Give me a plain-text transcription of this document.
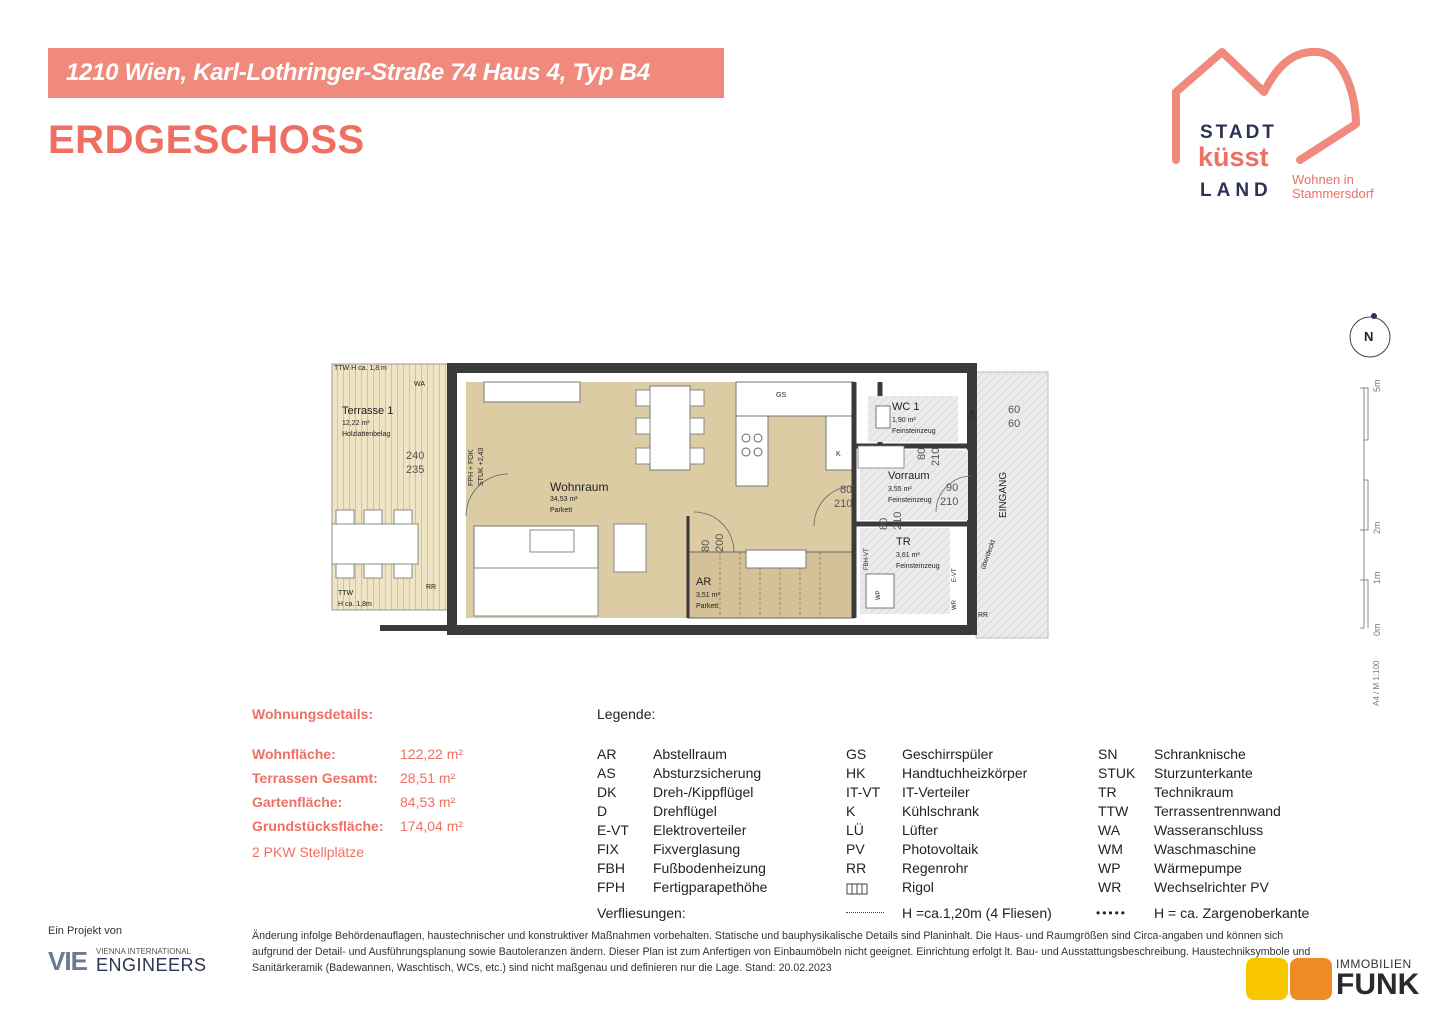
1210 Wien, Karl-Lothringer-Straße 74 Haus 4, Typ B4
ERDGESCHOSS	STADT
küsst
LAND
Wohnen in
Stammersdorf
N
5m
2m
1m
0m
A4 / M 1:100
TTW H ca. 1,8 m
WA
Terrasse 1
12,22 m²
Holzlattenbelag
240
235
TTW
H ca. 1,8m
RR
FPH + FOK STUK +2,43
Wohnraum
34,53 m²
Parkett
GS
K
80
210
80 200
AR
3,51 m²
Parkett
WC 1
1,90 m²
Feinsteinzeug
80 210
Vorraum
3,55 m²
Feinsteinzeug
90
210
80 210
TR
3,61 m²
Feinsteinzeug
E-VT
WP
WR
FBH-VT
DK	60
60
EINGANG
überdeckt
RR
Wohnungsdetails:
Wohnfläche:	122,22 m²
Terrassen Gesamt: 28,51 m²
Gartenfläche:	84,53 m²
Grundstücksfläche: 174,04 m²
2 PKW Stellplätze
Legende:
AR	Abstellraum
AS	Absturzsicherung
DK	Dreh-/Kippflügel
D	Drehflügel
E-VT Elektroverteiler
FIX Fixverglasung
FBH Fußbodenheizung
FPH Fertigparapethöhe
GS	Geschirrspüler
HK	Handtuchheizkörper
IT-VT IT-Verteiler
K	Kühlschrank
LÜ	Lüfter
PV	Photovoltaik
RR	Regenrohr
Rigol
SN	Schranknische
STUK Sturzunterkante
TR	Technikraum
TTW Terrassentrennwand
WA Wasseranschluss
WM Waschmaschine
WP Wärmepumpe
WR Wechselrichter PV
Verfliesungen:	H =ca.1,20m (4 Fliesen)	••••• H = ca. Zargenoberkante
Änderung infolge Behördenauflagen, haustechnischer und konstruktiver Maßnahmen vorbehalten. Statische und bauphysikalische Details sind Planinhalt. Die Haus- und Raumgrößen sind Circa-angaben und können sich aufgrund der Detail- und Ausführungsplanung sowie Bautoleranzen ändern. Dieser Plan ist zum Anfertigen von Einbaumöbeln nicht geeignet. Einrichtung erfolgt lt. Bau- und Ausstattungsbeschreibung. Haustechniksymbole und Sanitärkeramik (Badewannen, Waschtisch, WCs, etc.) sind nicht maßgenau und definieren nur die Lage. Stand: 20.02.2023
Ein Projekt von
VIE VIENNA INTERNATIONAL
ENGINEERS	IMMOBILIEN
FUNK
